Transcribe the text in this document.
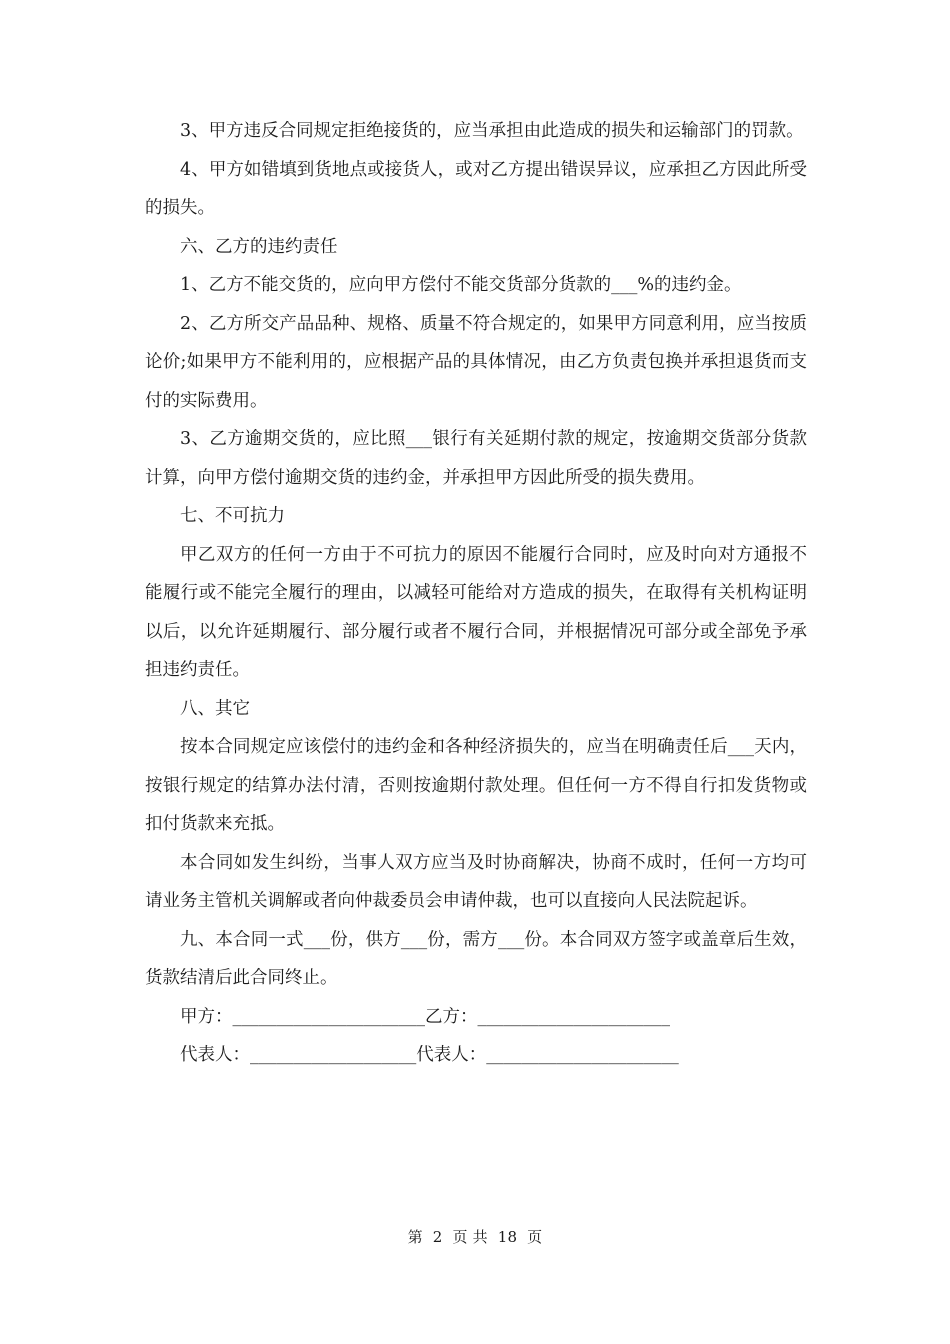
3、甲方违反合同规定拒绝接货的，应当承担由此造成的损失和运输部门的罚款。

4、甲方如错填到货地点或接货人，或对乙方提出错误异议，应承担乙方因此所受的损失。

六、乙方的违约责任

1、乙方不能交货的，应向甲方偿付不能交货部分货款的___%的违约金。

2、乙方所交产品品种、规格、质量不符合规定的，如果甲方同意利用，应当按质论价;如果甲方不能利用的，应根据产品的具体情况，由乙方负责包换并承担退货而支付的实际费用。

3、乙方逾期交货的，应比照___银行有关延期付款的规定，按逾期交货部分货款计算，向甲方偿付逾期交货的违约金，并承担甲方因此所受的损失费用。

七、不可抗力

甲乙双方的任何一方由于不可抗力的原因不能履行合同时，应及时向对方通报不能履行或不能完全履行的理由，以减轻可能给对方造成的损失，在取得有关机构证明以后，以允许延期履行、部分履行或者不履行合同，并根据情况可部分或全部免予承担违约责任。

八、其它

按本合同规定应该偿付的违约金和各种经济损失的，应当在明确责任后___天内，按银行规定的结算办法付清，否则按逾期付款处理。但任何一方不得自行扣发货物或扣付货款来充抵。

本合同如发生纠纷，当事人双方应当及时协商解决，协商不成时，任何一方均可请业务主管机关调解或者向仲裁委员会申请仲裁，也可以直接向人民法院起诉。

九、本合同一式___份，供方___份，需方___份。本合同双方签字或盖章后生效，货款结清后此合同终止。

甲方：______________________乙方：______________________

代表人：___________________代表人：______________________

第  2  页 共  18  页
